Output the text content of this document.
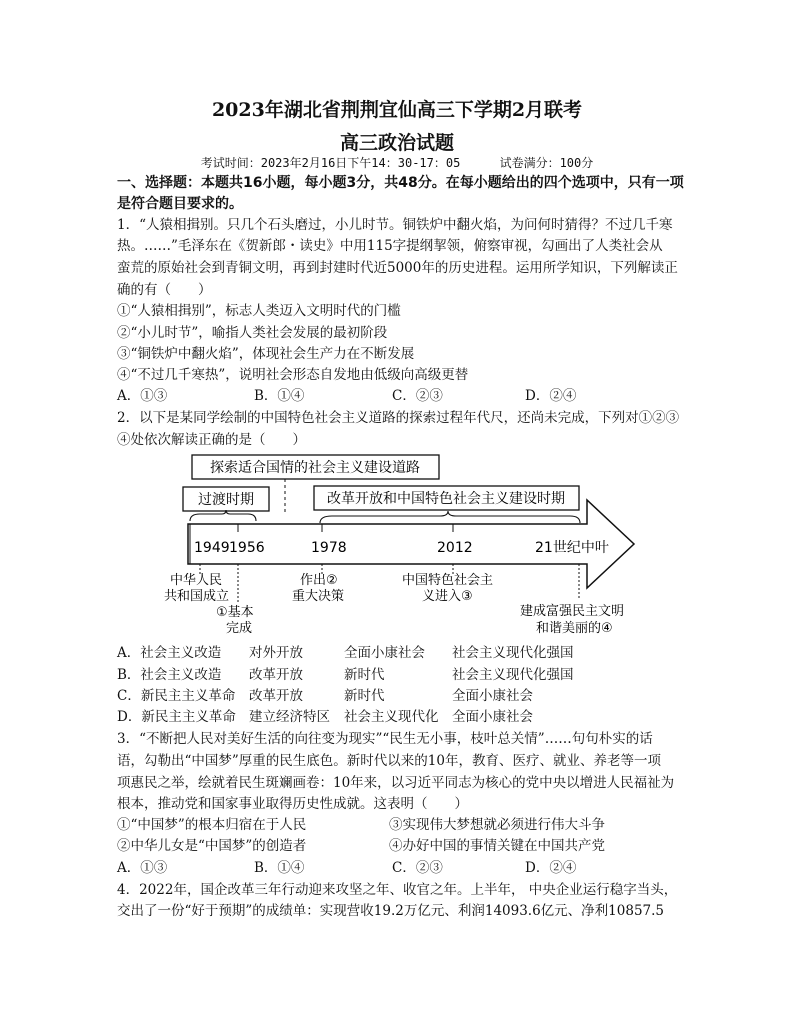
2023年湖北省荆荆宜仙高三下学期2月联考
高三政治试题
考试时间：2023年2月16日下午14：30-17：05	试卷满分：100分
一、选择题：本题共16小题，每小题3分，共48分。在每小题给出的四个选项中，只有一项
是符合题目要求的。
1．“人猿相揖别。只几个石头磨过，小儿时节。铜铁炉中翻火焰，为问何时猜得？不过几千寒
热。……”毛泽东在《贺新郎・读史》中用115字提纲挈领，俯察审视，勾画出了人类社会从
蛮荒的原始社会到青铜文明，再到封建时代近5000年的历史进程。运用所学知识，下列解读正
确的有（　　）
①“人猿相揖别”，标志人类迈入文明时代的门槛
②“小儿时节”，喻指人类社会发展的最初阶段
③“铜铁炉中翻火焰”，体现社会生产力在不断发展
④“不过几千寒热”，说明社会形态自发地由低级向高级更替
A．①③	B．①④	C．②③	D．②④
2．以下是某同学绘制的中国特色社会主义道路的探索过程年代尺，还尚未完成，下列对①②③
④处依次解读正确的是（　　）
探索适合国情的社会主义建设道路
过渡时期	改革开放和中国特色社会主义建设时期
1949 1956	1978	2012	21世纪中叶
中华人民
共和国成立
①基本
完成
作出②
重大决策
中国特色社会主
义进入③
建成富强民主文明
和谐美丽的④
A．社会主义改造 对外开放	全面小康社会 社会主义现代化强国
B．社会主义改造 改革开放	新时代	社会主义现代化强国
C．新民主主义革命 改革开放	新时代	全面小康社会
D．新民主主义革命 建立经济特区 社会主义现代化 全面小康社会
3．“不断把人民对美好生活的向往变为现实”“民生无小事，枝叶总关情”……句句朴实的话
语，勾勒出“中国梦”厚重的民生底色。新时代以来的10年，教育、医疗、就业、养老等一项
项惠民之举，绘就着民生斑斓画卷：10年来，以习近平同志为核心的党中央以增进人民福祉为
根本，推动党和国家事业取得历史性成就。这表明（　　）
①“中国梦”的根本归宿在于人民	③实现伟大梦想就必须进行伟大斗争
②中华儿女是“中国梦”的创造者	④办好中国的事情关键在中国共产党
A．①③	B．①④	C．②③	D．②④
4．2022年，国企改革三年行动迎来攻坚之年、收官之年。上半年， 中央企业运行稳字当头，
交出了一份“好于预期”的成绩单：实现营收19.2万亿元、利润14093.6亿元、净利10857.5
